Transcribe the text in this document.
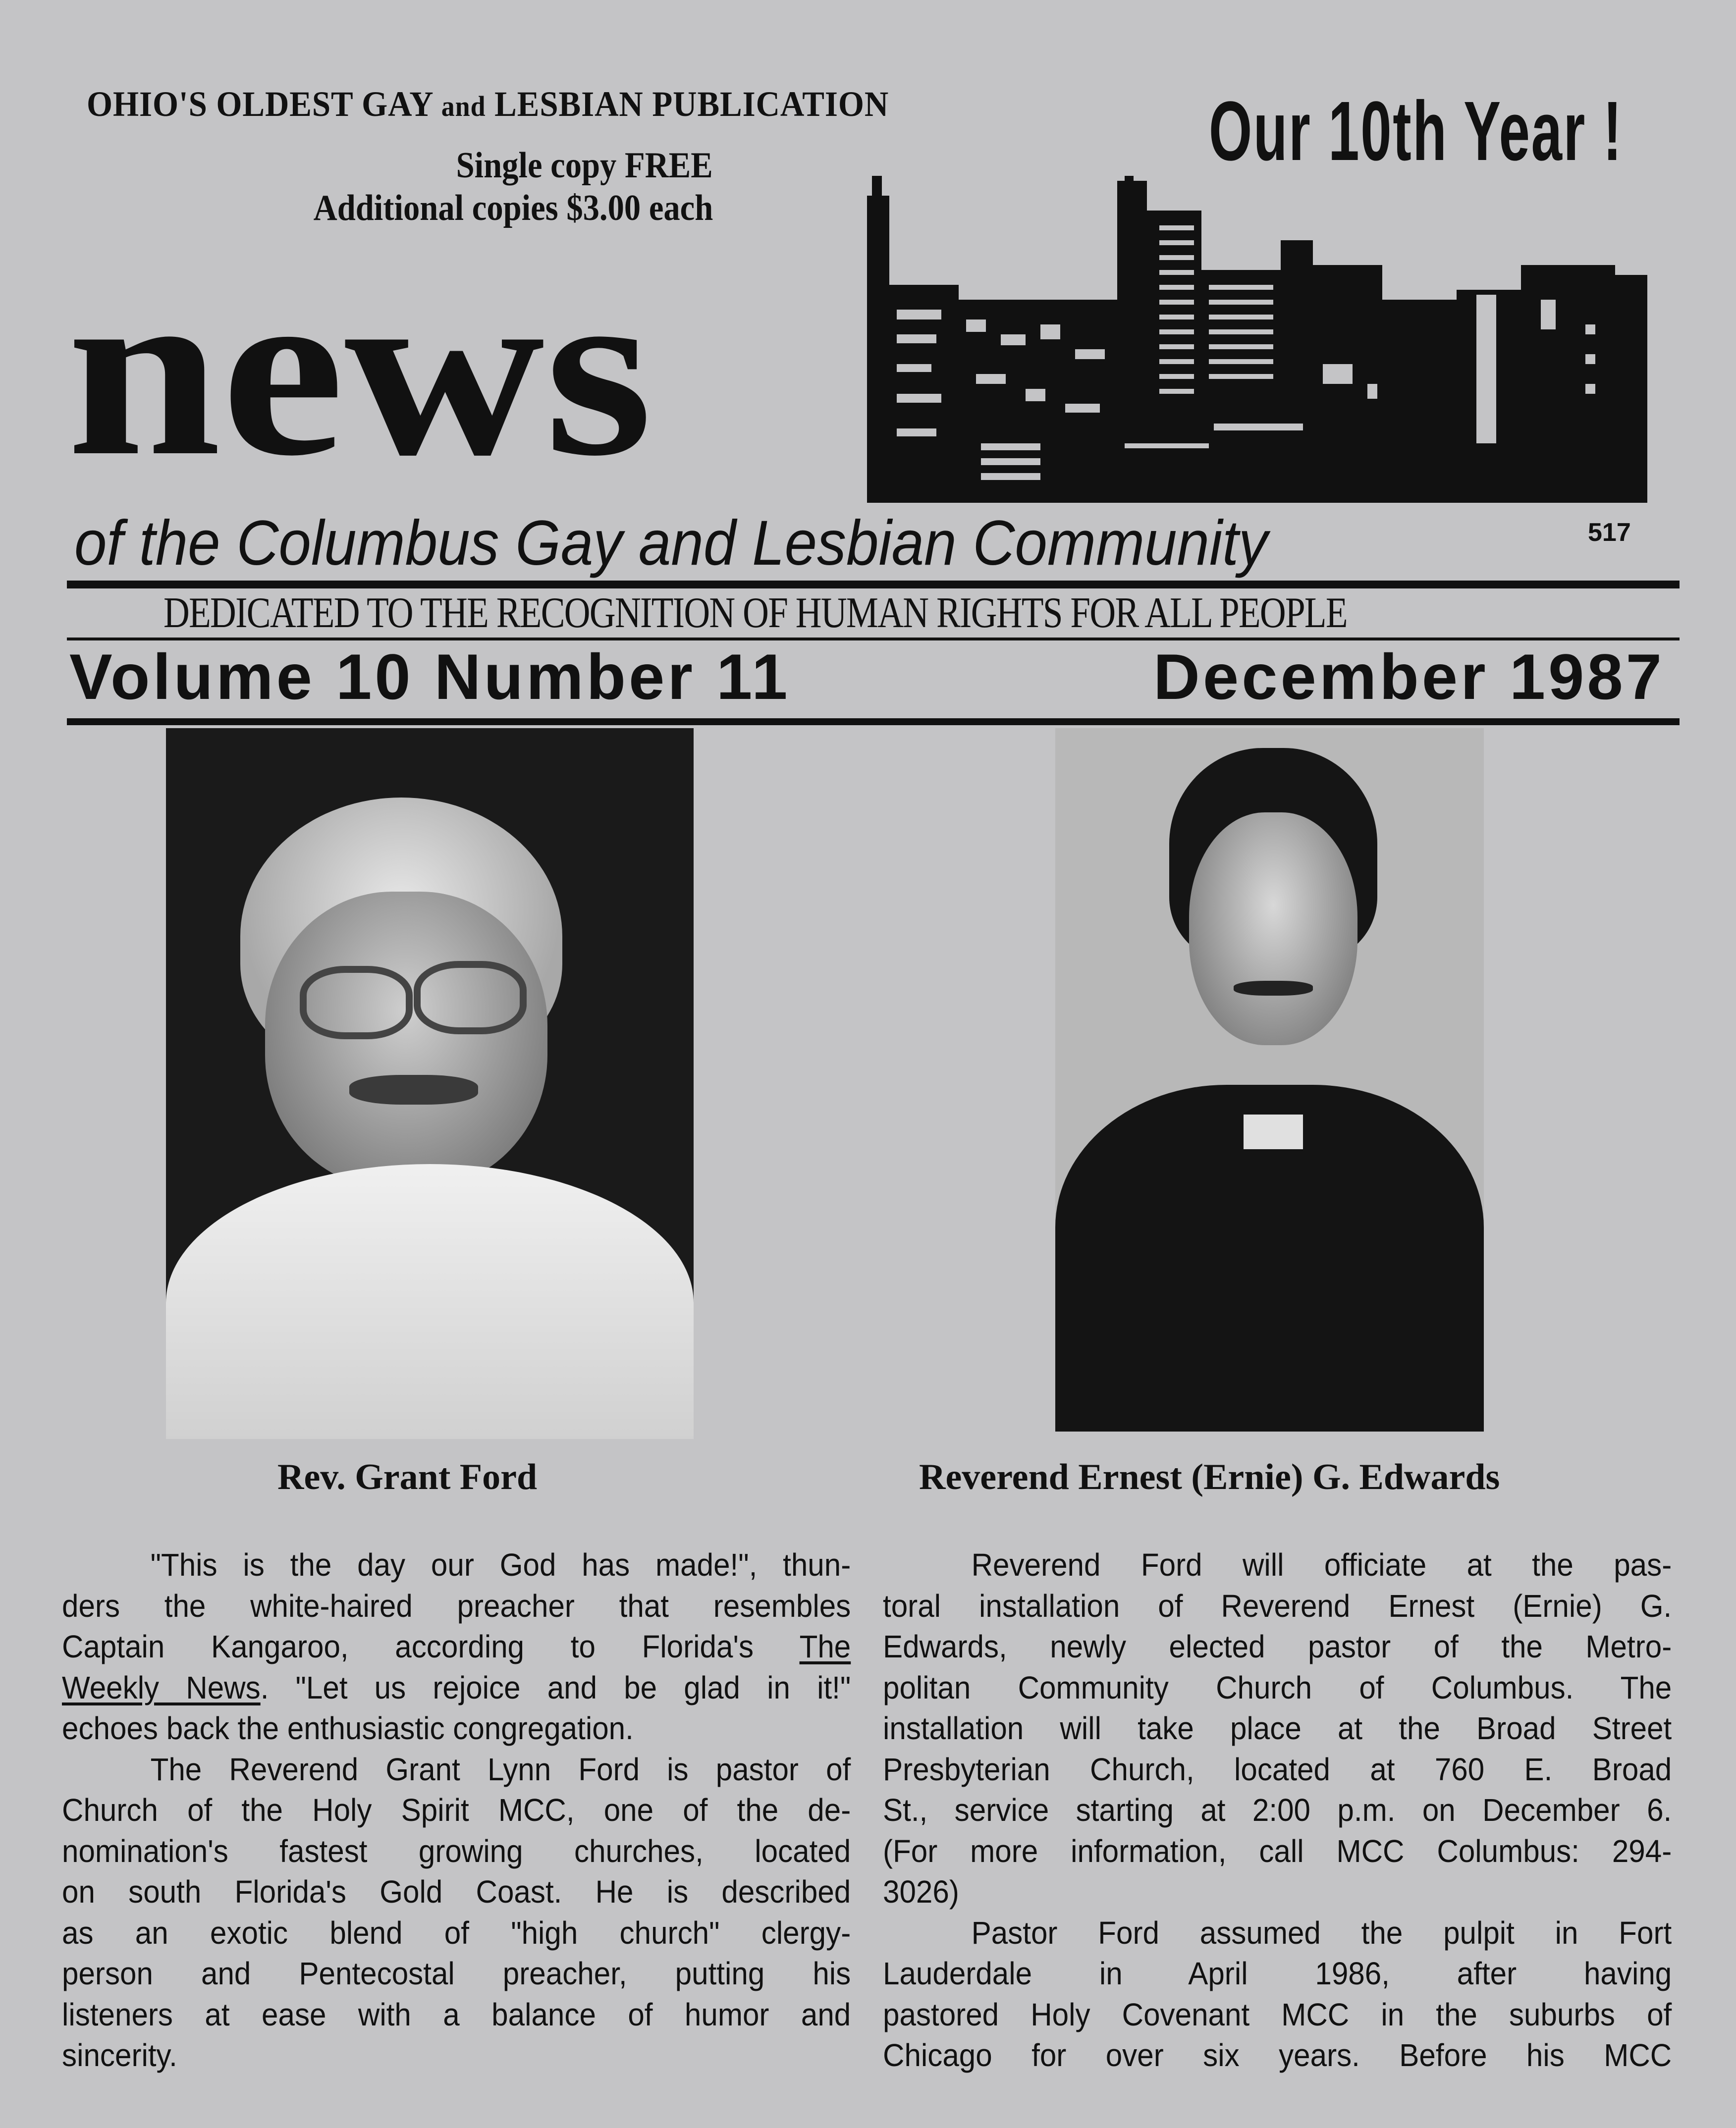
OHIO'S OLDEST GAY and LESBIAN PUBLICATION	Our 10th Year !
Single copy FREE
Additional copies $3.00 each
news
of the Columbus Gay and Lesbian Community	517
DEDICATED TO THE RECOGNITION OF HUMAN RIGHTS FOR ALL PEOPLE
Volume 10 Number 11	December 1987
Rev. Grant Ford	Reverend Ernest (Ernie) G. Edwards
"This is the day our God has made!", thun-
ders the white-haired preacher that resembles
Captain Kangaroo, according to Florida's The
Weekly News. "Let us rejoice and be glad in it!"
echoes back the enthusiastic congregation.
The Reverend Grant Lynn Ford is pastor of
Church of the Holy Spirit MCC, one of the de-
nomination's fastest growing churches, located
on south Florida's Gold Coast. He is described
as an exotic blend of "high church" clergy-
person and Pentecostal preacher, putting his
listeners at ease with a balance of humor and
sincerity.
Reverend Ford will officiate at the pas-
toral installation of Reverend Ernest (Ernie) G.
Edwards, newly elected pastor of the Metro-
politan Community Church of Columbus. The
installation will take place at the Broad Street
Presbyterian Church, located at 760 E. Broad
St., service starting at 2:00 p.m. on December 6.
(For more information, call MCC Columbus: 294-
3026)
Pastor Ford assumed the pulpit in Fort
Lauderdale in April 1986, after having
pastored Holy Covenant MCC in the suburbs of
Chicago for over six years. Before his MCC
